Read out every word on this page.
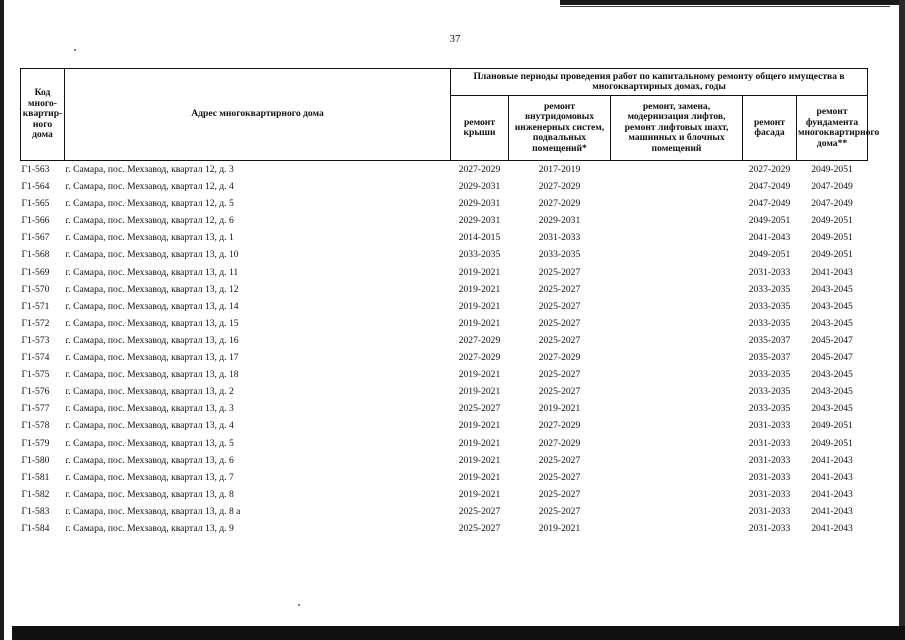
37
Код много-квартир-ного дома	Адрес многоквартирного дома	Плановые периоды проведения работ по капитальному ремонту общего имущества в многоквартирных домах, годы				
		ремонт крыши	ремонт внутридомовых инженерных систем, подвальных помещений*	ремонт, замена, модернизация лифтов, ремонт лифтовых шахт, машинных и блочных помещений	ремонт фасада	ремонт фундамента многоквартирного дома**
Г1-563	г. Самара, пос. Мехзавод, квартал 12, д. 3	2027-2029	2017-2019		2027-2029	2049-2051
Г1-564	г. Самара, пос. Мехзавод, квартал 12, д. 4	2029-2031	2027-2029		2047-2049	2047-2049
Г1-565	г. Самара, пос. Мехзавод, квартал 12, д. 5	2029-2031	2027-2029		2047-2049	2047-2049
Г1-566	г. Самара, пос. Мехзавод, квартал 12, д. 6	2029-2031	2029-2031		2049-2051	2049-2051
Г1-567	г. Самара, пос. Мехзавод, квартал 13, д. 1	2014-2015	2031-2033		2041-2043	2049-2051
Г1-568	г. Самара, пос. Мехзавод, квартал 13, д. 10	2033-2035	2033-2035		2049-2051	2049-2051
Г1-569	г. Самара, пос. Мехзавод, квартал 13, д. 11	2019-2021	2025-2027		2031-2033	2041-2043
Г1-570	г. Самара, пос. Мехзавод, квартал 13, д. 12	2019-2021	2025-2027		2033-2035	2043-2045
Г1-571	г. Самара, пос. Мехзавод, квартал 13, д. 14	2019-2021	2025-2027		2033-2035	2043-2045
Г1-572	г. Самара, пос. Мехзавод, квартал 13, д. 15	2019-2021	2025-2027		2033-2035	2043-2045
Г1-573	г. Самара, пос. Мехзавод, квартал 13, д. 16	2027-2029	2025-2027		2035-2037	2045-2047
Г1-574	г. Самара, пос. Мехзавод, квартал 13, д. 17	2027-2029	2027-2029		2035-2037	2045-2047
Г1-575	г. Самара, пос. Мехзавод, квартал 13, д. 18	2019-2021	2025-2027		2033-2035	2043-2045
Г1-576	г. Самара, пос. Мехзавод, квартал 13, д. 2	2019-2021	2025-2027		2033-2035	2043-2045
Г1-577	г. Самара, пос. Мехзавод, квартал 13, д. 3	2025-2027	2019-2021		2033-2035	2043-2045
Г1-578	г. Самара, пос. Мехзавод, квартал 13, д. 4	2019-2021	2027-2029		2031-2033	2049-2051
Г1-579	г. Самара, пос. Мехзавод, квартал 13, д. 5	2019-2021	2027-2029		2031-2033	2049-2051
Г1-580	г. Самара, пос. Мехзавод, квартал 13, д. 6	2019-2021	2025-2027		2031-2033	2041-2043
Г1-581	г. Самара, пос. Мехзавод, квартал 13, д. 7	2019-2021	2025-2027		2031-2033	2041-2043
Г1-582	г. Самара, пос. Мехзавод, квартал 13, д. 8	2019-2021	2025-2027		2031-2033	2041-2043
Г1-583	г. Самара, пос. Мехзавод, квартал 13, д. 8 а	2025-2027	2025-2027		2031-2033	2041-2043
Г1-584	г. Самара, пос. Мехзавод, квартал 13, д. 9	2025-2027	2019-2021		2031-2033	2041-2043
